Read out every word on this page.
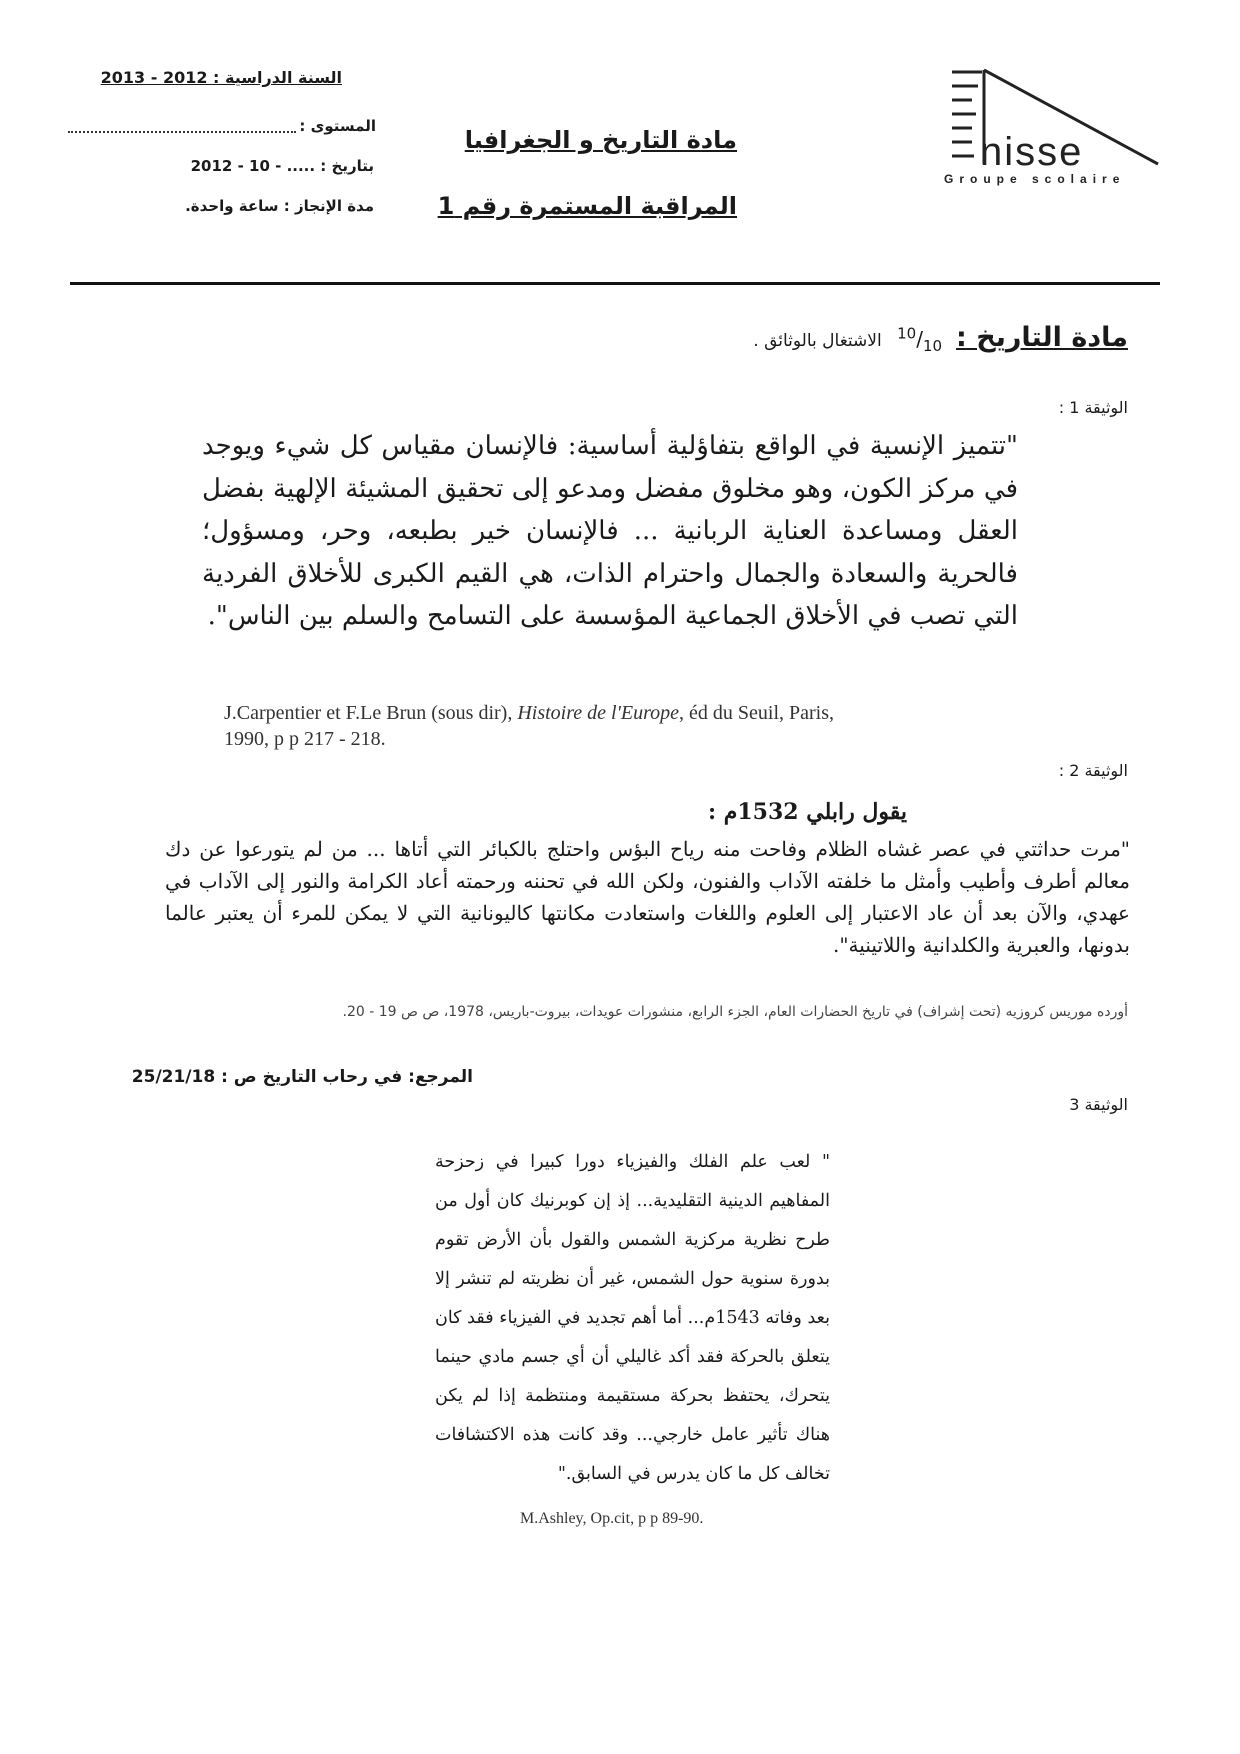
nisse
Groupe scolaire
السنة الدراسية : 2012 - 2013
المستوى :
بتاريخ : ..... - 10 - 2012
مدة الإنجاز : ساعة واحدة.
مادة التاريخ و الجغرافيا
المراقبة المستمرة رقم 1
مادة التاريخ $:^{10}/_{10}$ الاشتغال بالوثائق .
الوثيقة 1 :
"تتميز الإنسية في الواقع بتفاؤلية أساسية: فالإنسان مقياس كل شيء ويوجد في مركز الكون، وهو مخلوق مفضل ومدعو إلى تحقيق المشيئة الإلهية بفضل العقل ومساعدة العناية الربانية ... فالإنسان خير بطبعه، وحر، ومسؤول؛ فالحرية والسعادة والجمال واحترام الذات، هي القيم الكبرى للأخلاق الفردية التي تصب في الأخلاق الجماعية المؤسسة على التسامح والسلم بين الناس".
J.Carpentier et F.Le Brun (sous dir), Histoire de l'Europe, éd du Seuil, Paris, 1990, p p 217 - 218.
الوثيقة 2 :
يقول رابلي 1532م :
"مرت حداثتي في عصر غشاه الظلام وفاحت منه رياح البؤس واحتلج بالكبائر التي أتاها ... من لم يتورعوا عن دك معالم أطرف وأطيب وأمثل ما خلفته الآداب والفنون، ولكن الله في تحننه ورحمته أعاد الكرامة والنور إلى الآداب في عهدي، والآن بعد أن عاد الاعتبار إلى العلوم واللغات واستعادت مكانتها كاليونانية التي لا يمكن للمرء أن يعتبر عالما بدونها، والعبرية والكلدانية واللاتينية".
أورده موريس كروزيه (تحت إشراف) في تاريخ الحضارات العام، الجزء الرابع، منشورات عويدات، بيروت-باريس، 1978، ص ص 19 - 20.
المرجع: في رحاب التاريخ ص : 25/21/18
الوثيقة 3
" لعب علم الفلك والفيزياء دورا كبيرا في زحزحة المفاهيم الدينية التقليدية... إذ إن كوبرنيك كان أول من طرح نظرية مركزية الشمس والقول بأن الأرض تقوم بدورة سنوية حول الشمس، غير أن نظريته لم تنشر إلا بعد وفاته 1543م... أما أهم تجديد في الفيزياء فقد كان يتعلق بالحركة فقد أكد غاليلي أن أي جسم مادي حينما يتحرك، يحتفظ بحركة مستقيمة ومنتظمة إذا لم يكن هناك تأثير عامل خارجي... وقد كانت هذه الاكتشافات تخالف كل ما كان يدرس في السابق."
M.Ashley, Op.cit, p p 89-90.
